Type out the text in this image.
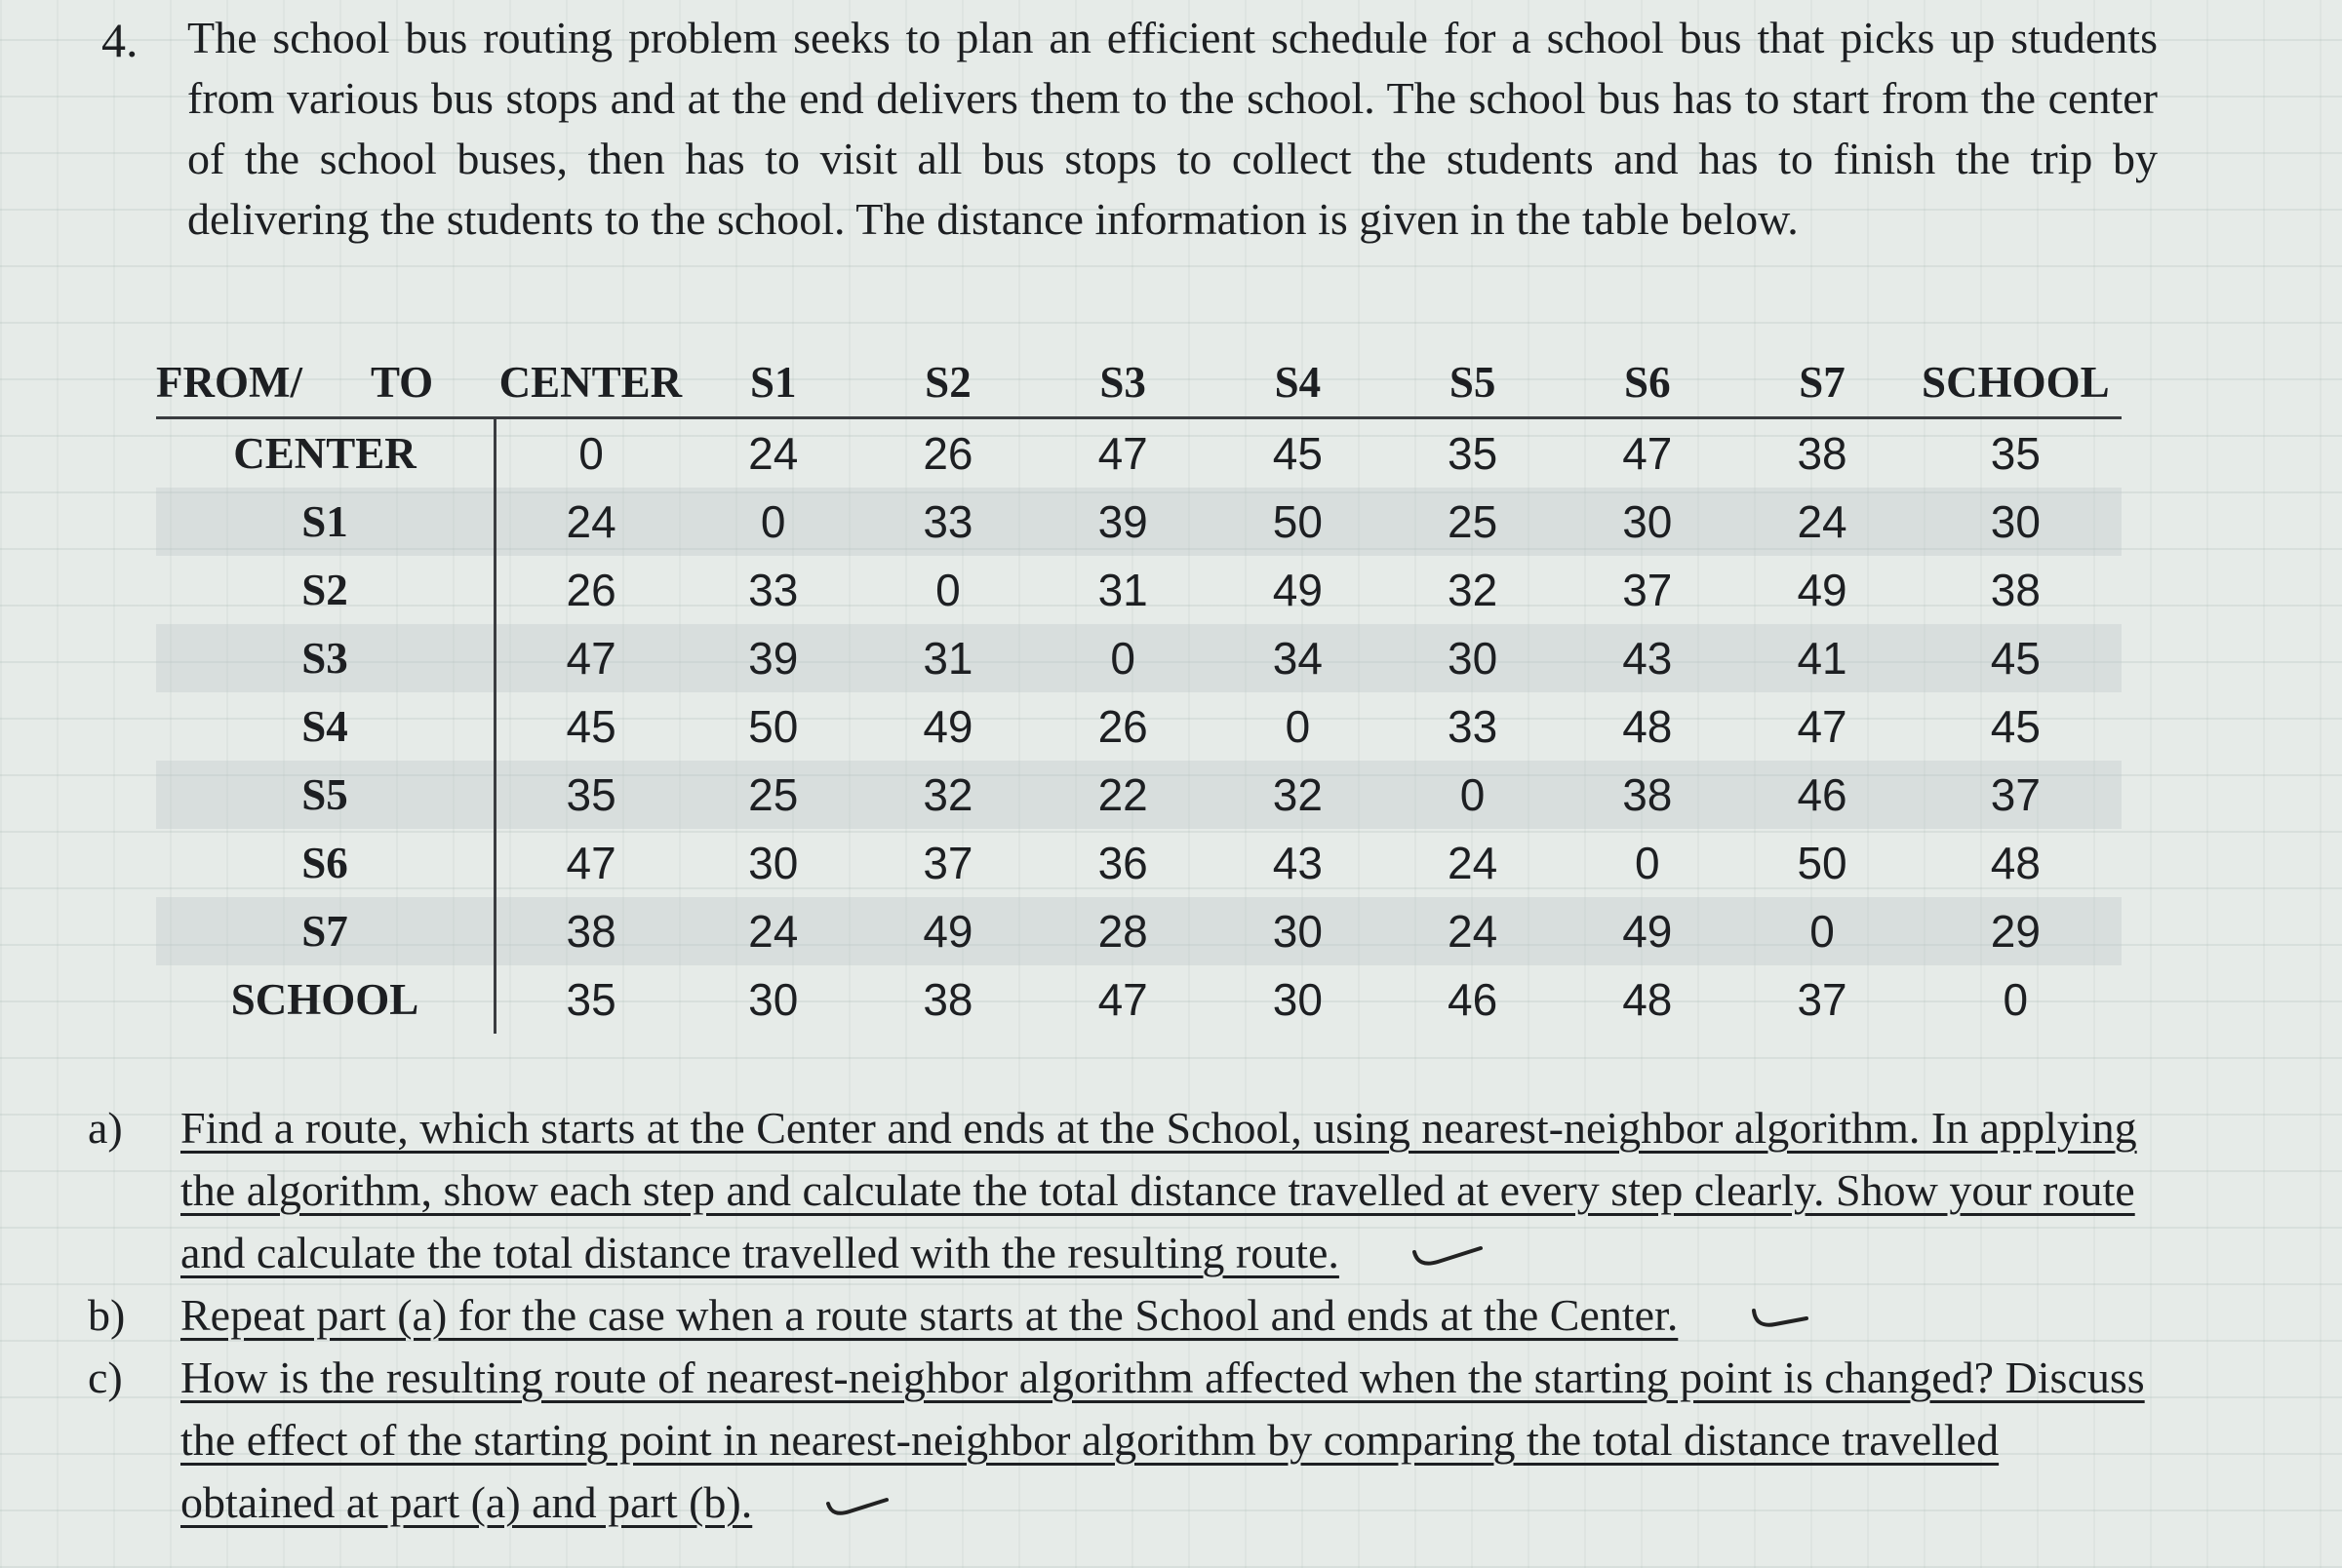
4. The school bus routing problem seeks to plan an efficient schedule for a school bus that picks up students from various bus stops and at the end delivers them to the school. The school bus has to start from the center of the school buses, then has to visit all bus stops to collect the students and has to finish the trip by delivering the students to the school. The distance information is given in the table below.
FROM/ TO	CENTER	S1	S2	S3	S4	S5	S6	S7	SCHOOL
CENTER	0	24	26	47	45	35	47	38	35
S1	24	0	33	39	50	25	30	24	30
S2	26	33	0	31	49	32	37	49	38
S3	47	39	31	0	34	30	43	41	45
S4	45	50	49	26	0	33	48	47	45
S5	35	25	32	22	32	0	38	46	37
S6	47	30	37	36	43	24	0	50	48
S7	38	24	49	28	30	24	49	0	29
SCHOOL	35	30	38	47	30	46	48	37	0
a) Find a route, which starts at the Center and ends at the School, using nearest-neighbor algorithm. In applying the algorithm, show each step and calculate the total distance travelled at every step clearly. Show your route and calculate the total distance travelled with the resulting route.
b) Repeat part (a) for the case when a route starts at the School and ends at the Center.
c) How is the resulting route of nearest-neighbor algorithm affected when the starting point is changed? Discuss the effect of the starting point in nearest-neighbor algorithm by comparing the total distance travelled obtained at part (a) and part (b).
